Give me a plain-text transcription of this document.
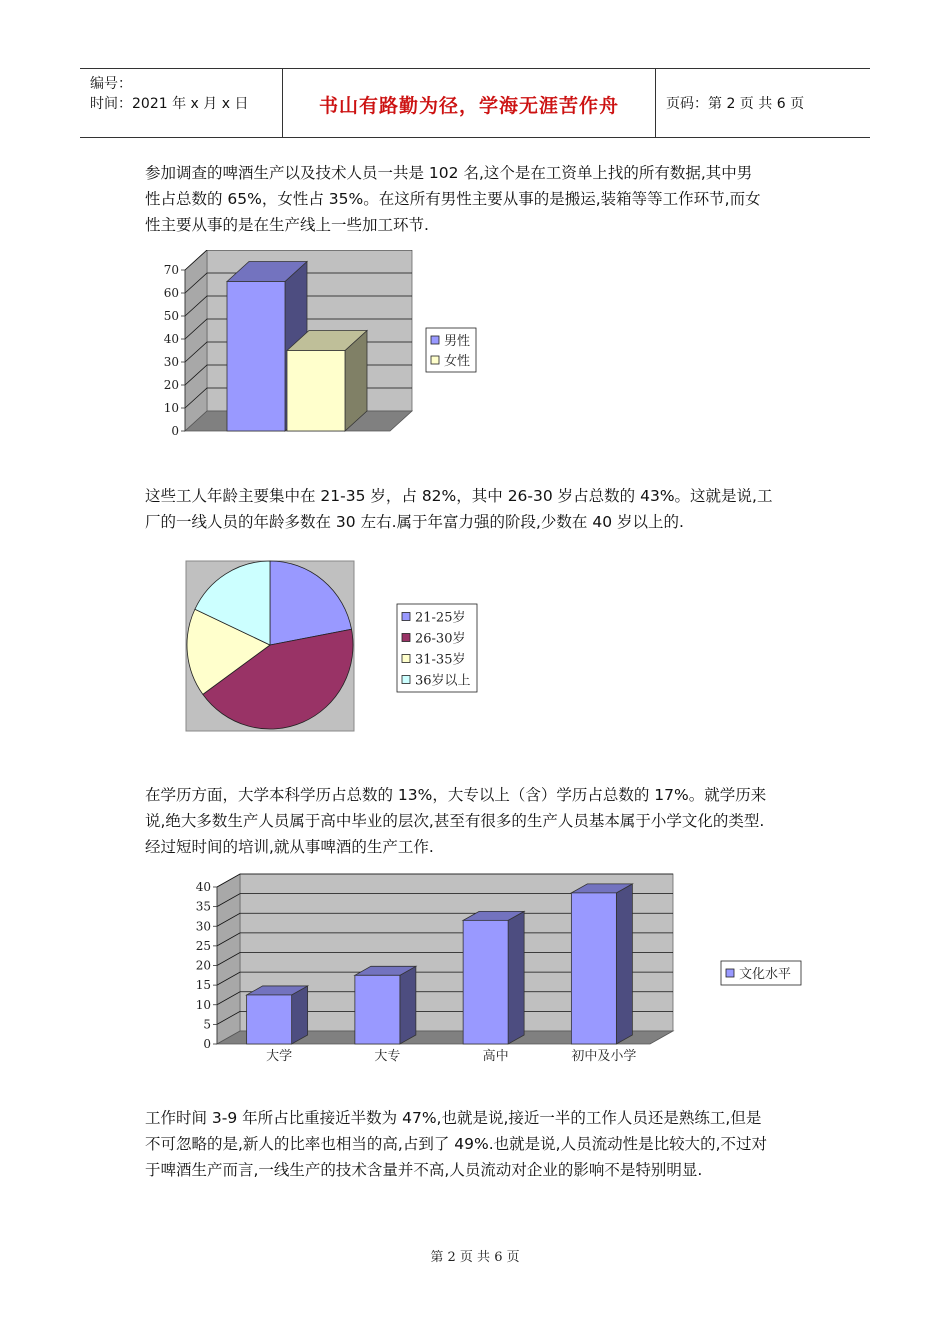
编号：
时间：2021 年 x 月 x 日	书山有路勤为径，学海无涯苦作舟	页码：第 2 页 共 6 页
参加调查的啤酒生产以及技术人员一共是 102 名,这个是在工资单上找的所有数据,其中男
性占总数的 65%，女性占 35%。在这所有男性主要从事的是搬运,装箱等等工作环节,而女
性主要从事的是在生产线上一些加工环节.
0
10
20
30
40
50
60
70
男性
女性
这些工人年龄主要集中在 21-35 岁，占 82%，其中 26-30 岁占总数的 43%。这就是说,工
厂的一线人员的年龄多数在 30 左右.属于年富力强的阶段,少数在 40 岁以上的.
21-25岁
26-30岁
31-35岁
36岁以上
在学历方面，大学本科学历占总数的 13%，大专以上（含）学历占总数的 17%。就学历来
说,绝大多数生产人员属于高中毕业的层次,甚至有很多的生产人员基本属于小学文化的类型.
经过短时间的培训,就从事啤酒的生产工作.
0
5
10
15
20
25
30
35
40
大学	大专	高中	初中及小学
文化水平
工作时间 3-9 年所占比重接近半数为 47%,也就是说,接近一半的工作人员还是熟练工,但是
不可忽略的是,新人的比率也相当的高,占到了 49%.也就是说,人员流动性是比较大的,不过对
于啤酒生产而言,一线生产的技术含量并不高,人员流动对企业的影响不是特别明显.
第 2 页 共 6 页
